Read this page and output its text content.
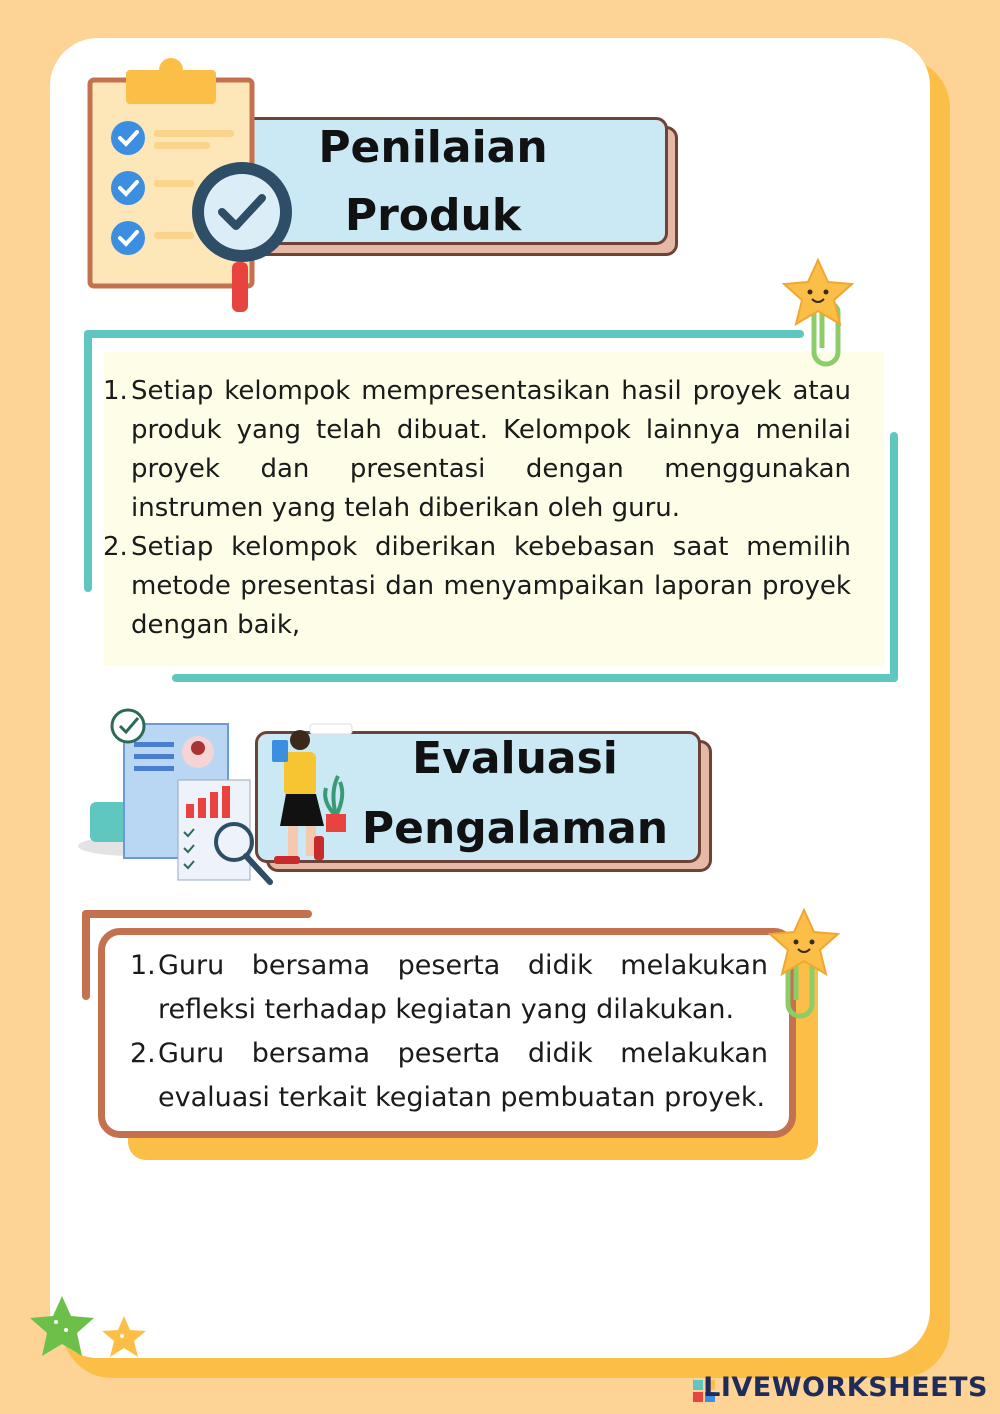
Penilaian
Produk
1. Setiap kelompok mempresentasikan hasil proyek atau produk yang telah dibuat. Kelompok lainnya menilai proyek dan presentasi dengan menggunakan instrumen yang telah diberikan oleh guru.
2. Setiap kelompok diberikan kebebasan saat memilih metode presentasi dan menyampaikan laporan proyek dengan baik,
Evaluasi
Pengalaman
1. Guru bersama peserta didik melakukan refleksi terhadap kegiatan yang dilakukan.
2. Guru bersama peserta didik melakukan evaluasi terkait kegiatan pembuatan proyek.
LIVEWORKSHEETS
